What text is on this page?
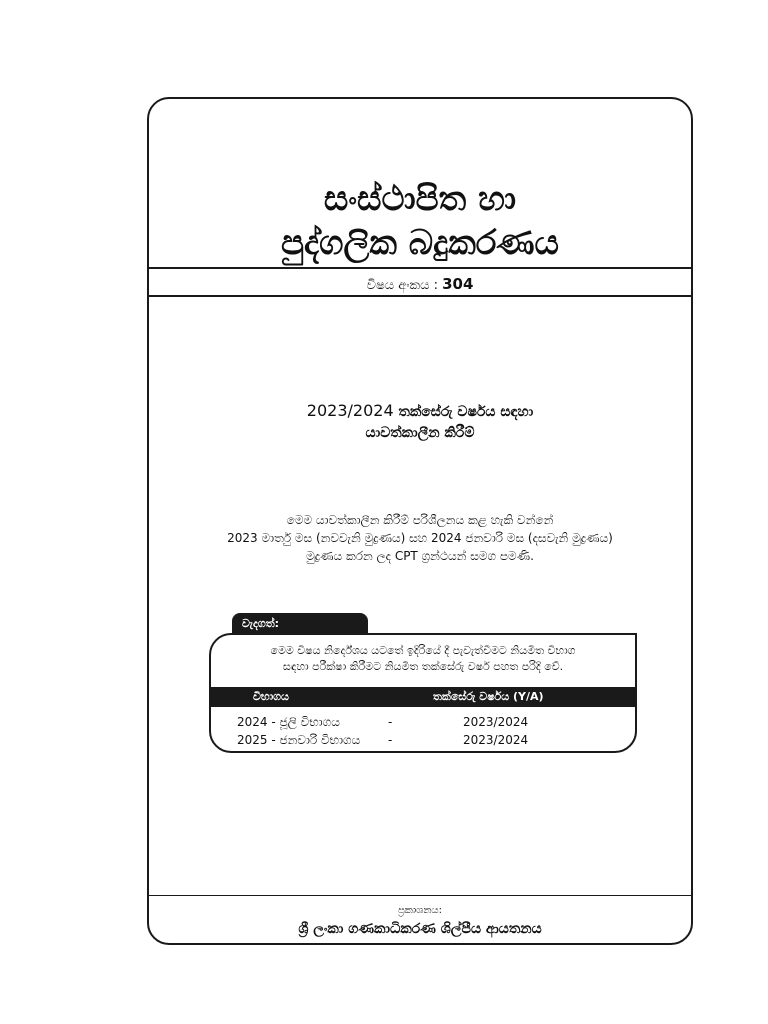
සංස්ථාපිත හා
පුද්ගලික බදුකරණය
විෂය අංකය : 304
2023/2024 තක්සේරු වර්ෂය සඳහා
යාවත්කාලීන කිරීම්
මෙම යාවත්කාලීන කිරීම් පරිශීලනය කළ හැකි වන්නේ
2023 මාර්තු මස (නවවැනි මුද්‍රණය) සහ 2024 ජනවාරි මස (දසවැනි මුද්‍රණය)
මුද්‍රණය කරන ලද CPT ග්‍රන්ථයන් සමග පමණි.
වැදගත්:
මෙම විෂය නිර්දේශය යටතේ ඉදිරියේ දී පැවැත්වීමට නියමිත විභාග
සඳහා පරීක්ෂා කිරීමට නියමිත තක්සේරු වර්ෂ පහත පරිදි වේ.
විභාගය	තක්සේරු වර්ෂය (Y/A)
2024 - ජූලි විභාගය	-	2023/2024
2025 - ජනවාරි විභාගය -	2023/2024
ප්‍රකාශනය:
ශ්‍රී ලංකා ගණකාධිකරණ ශිල්පීය ආයතනය
